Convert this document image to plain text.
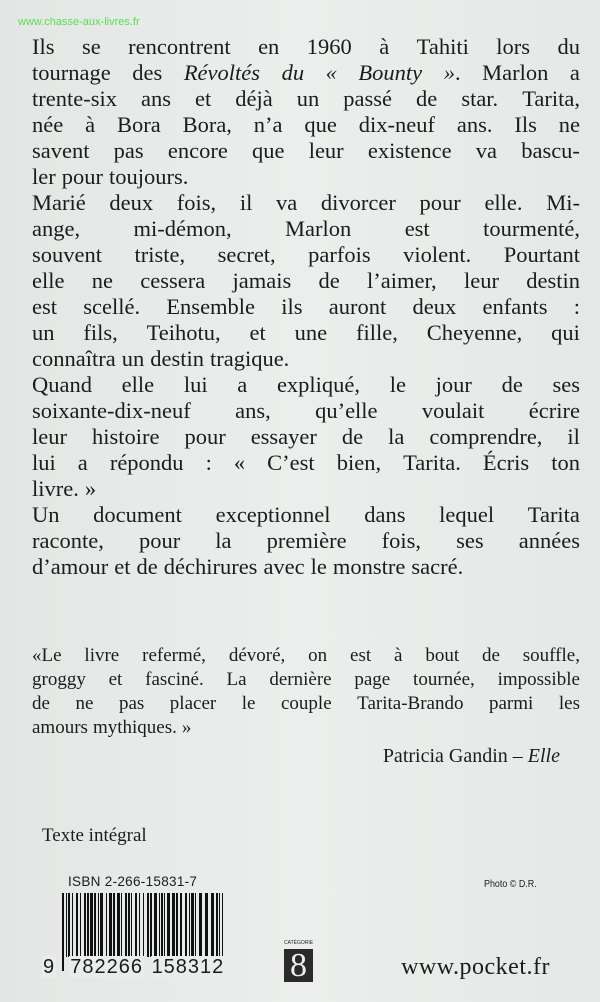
www.chasse-aux-livres.fr
Ils se rencontrent en 1960 à Tahiti lors du
tournage des Révoltés du « Bounty ». Marlon a
trente-six ans et déjà un passé de star. Tarita,
née à Bora Bora, n’a que dix-neuf ans. Ils ne
savent pas encore que leur existence va bascu-
ler pour toujours.
Marié deux fois, il va divorcer pour elle. Mi-
ange, mi-démon, Marlon est tourmenté,
souvent triste, secret, parfois violent. Pourtant
elle ne cessera jamais de l’aimer, leur destin
est scellé. Ensemble ils auront deux enfants :
un fils, Teihotu, et une fille, Cheyenne, qui
connaîtra un destin tragique.
Quand elle lui a expliqué, le jour de ses
soixante-dix-neuf ans, qu’elle voulait écrire
leur histoire pour essayer de la comprendre, il
lui a répondu : « C’est bien, Tarita. Écris ton
livre. »
Un document exceptionnel dans lequel Tarita
raconte, pour la première fois, ses années
d’amour et de déchirures avec le monstre sacré.
«Le livre refermé, dévoré, on est à bout de souffle,
groggy et fasciné. La dernière page tournée, impossible
de ne pas placer le couple Tarita-Brando parmi les
amours mythiques. »
Patricia Gandin – Elle
Texte intégral
ISBN 2-266-15831-7	Photo © D.R.
9 782266 158312
CATÉGORIE
8	www.pocket.fr
